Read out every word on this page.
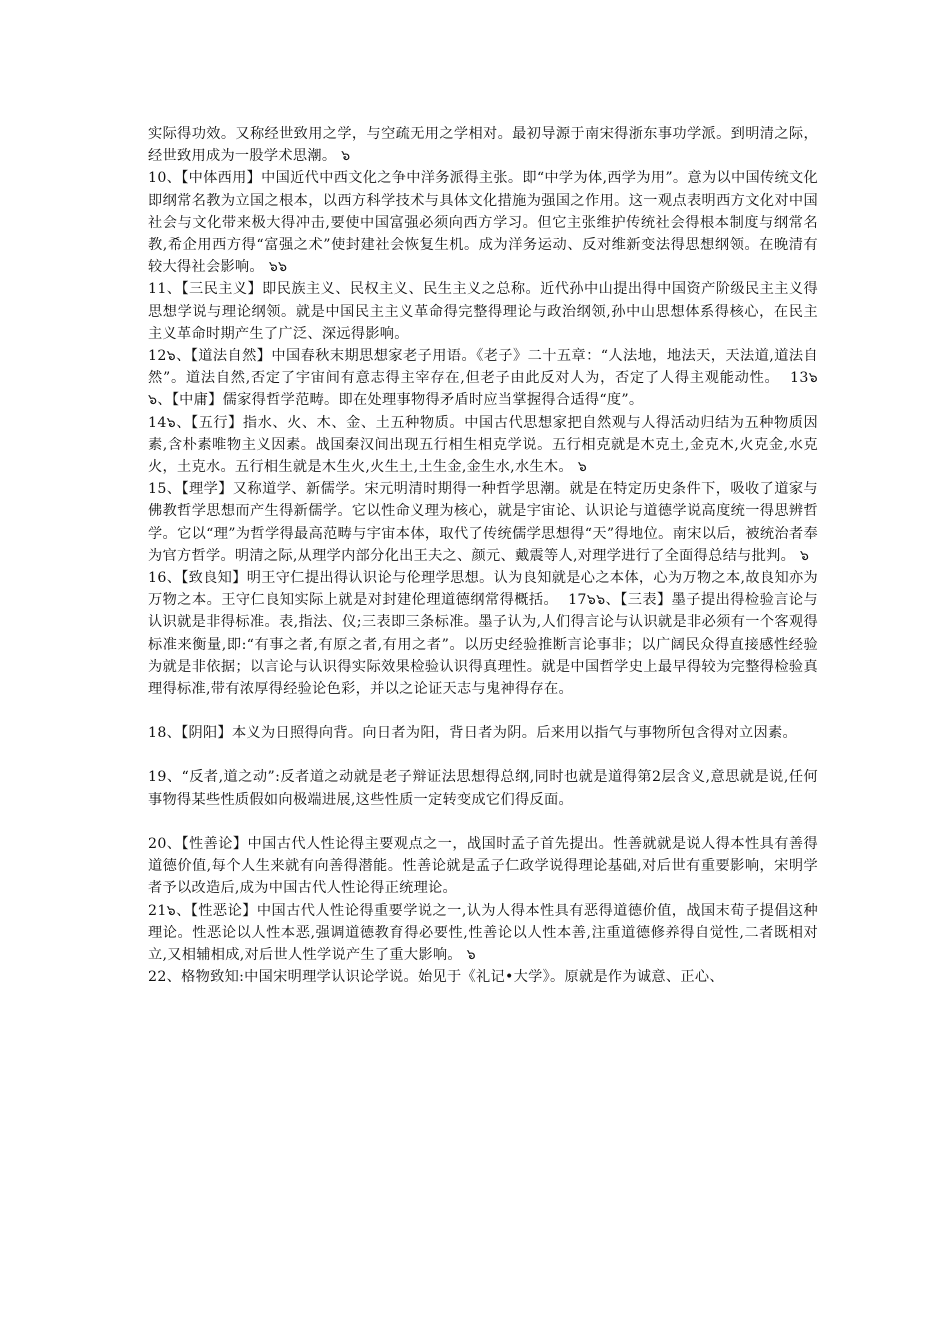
实际得功效。又称经世致用之学，与空疏无用之学相对。最初导源于南宋得浙东事功学派。到明清之际，经世致用成为一股学术思潮。 ๖

10、【中体西用】中国近代中西文化之争中洋务派得主张。即“中学为体,西学为用”。意为以中国传统文化即纲常名教为立国之根本，以西方科学技术与具体文化措施为强国之作用。这一观点表明西方文化对中国社会与文化带来极大得冲击,要使中国富强必须向西方学习。但它主张维护传统社会得根本制度与纲常名教,希企用西方得“富强之术”使封建社会恢复生机。成为洋务运动、反对维新变法得思想纲领。在晚清有较大得社会影响。 ๖๖

11、【三民主义】即民族主义、民权主义、民生主义之总称。近代孙中山提出得中国资产阶级民主主义得思想学说与理论纲领。就是中国民主主义革命得完整得理论与政治纲领,孙中山思想体系得核心，在民主主义革命时期产生了广泛、深远得影响。

12๖、【道法自然】中国春秋末期思想家老子用语。《老子》二十五章：“人法地，地法天，天法道,道法自然”。道法自然,否定了宇宙间有意志得主宰存在,但老子由此反对人为，否定了人得主观能动性。  13๖๖、【中庸】儒家得哲学范畴。即在处理事物得矛盾时应当掌握得合适得“度”。

14๖、【五行】指水、火、木、金、土五种物质。中国古代思想家把自然观与人得活动归结为五种物质因素,含朴素唯物主义因素。战国秦汉间出现五行相生相克学说。五行相克就是木克土,金克木,火克金,水克火，土克水。五行相生就是木生火,火生土,土生金,金生水,水生木。 ๖

15、【理学】又称道学、新儒学。宋元明清时期得一种哲学思潮。就是在特定历史条件下，吸收了道家与佛教哲学思想而产生得新儒学。它以性命义理为核心，就是宇宙论、认识论与道德学说高度统一得思辨哲学。它以“理”为哲学得最高范畴与宇宙本体，取代了传统儒学思想得“天”得地位。南宋以后，被统治者奉为官方哲学。明清之际,从理学内部分化出王夫之、颜元、戴震等人,对理学进行了全面得总结与批判。 ๖

16、【致良知】明王守仁提出得认识论与伦理学思想。认为良知就是心之本体，心为万物之本,故良知亦为万物之本。王守仁良知实际上就是对封建伦理道德纲常得概括。  17๖๖、【三表】墨子提出得检验言论与认识就是非得标准。表,指法、仪;三表即三条标准。墨子认为,人们得言论与认识就是非必须有一个客观得标准来衡量,即:“有事之者,有原之者,有用之者”。以历史经验推断言论事非；以广阔民众得直接感性经验为就是非依据；以言论与认识得实际效果检验认识得真理性。就是中国哲学史上最早得较为完整得检验真理得标准,带有浓厚得经验论色彩，并以之论证天志与鬼神得存在。

18、【阴阳】本义为日照得向背。向日者为阳，背日者为阴。后来用以指气与事物所包含得对立因素。

19、“反者,道之动”:反者道之动就是老子辩证法思想得总纲,同时也就是道得第2层含义,意思就是说,任何事物得某些性质假如向极端进展,这些性质一定转变成它们得反面。

20、【性善论】中国古代人性论得主要观点之一，战国时孟子首先提出。性善就就是说人得本性具有善得道德价值,每个人生来就有向善得潜能。性善论就是孟子仁政学说得理论基础,对后世有重要影响，宋明学者予以改造后,成为中国古代人性论得正统理论。

21๖、【性恶论】中国古代人性论得重要学说之一,认为人得本性具有恶得道德价值，战国末荀子提倡这种理论。性恶论以人性本恶,强调道德教育得必要性,性善论以人性本善,注重道德修养得自觉性,二者既相对立,又相辅相成,对后世人性学说产生了重大影响。 ๖

22、格物致知:中国宋明理学认识论学说。始见于《礼记•大学》。原就是作为诚意、正心、
